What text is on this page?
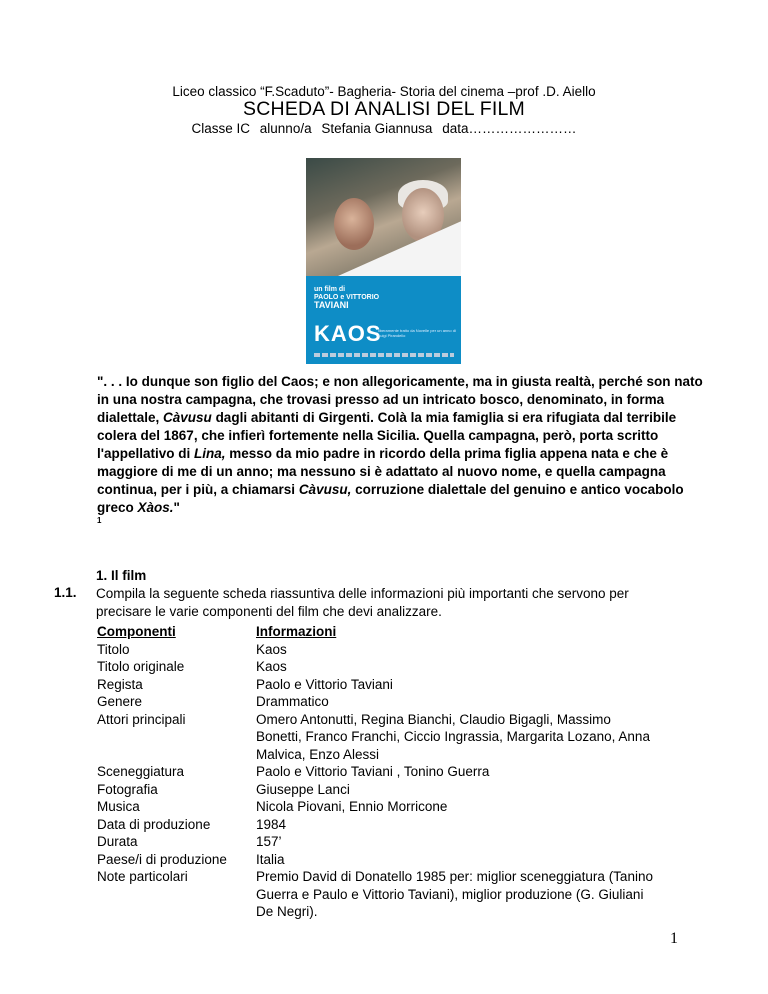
Liceo classico “F.Scaduto”- Bagheria- Storia del cinema –prof .D. Aiello
SCHEDA DI ANALISI DEL FILM
Classe IC alunno/a Stefania Giannusa data……………………
un film di
PAOLO e VITTORIO
TAVIANI
KAOS
liberamente tratto da Novelle per un anno di Luigi Pirandello
". . . Io dunque son figlio del Caos; e non allegoricamente, ma in giusta realtà, perché son nato in una nostra campagna, che trovasi presso ad un intricato bosco, denominato, in forma dialettale, Càvusu dagli abitanti di Girgenti. Colà la mia famiglia si era rifugiata dal terribile colera del 1867, che infierì fortemente nella Sicilia. Quella campagna, però, porta scritto l'appellativo di Lina, messo da mio padre in ricordo della prima figlia appena nata e che è maggiore di me di un anno; ma nessuno si è adattato al nuovo nome, e quella campagna continua, per i più, a chiamarsi Càvusu, corruzione dialettale del genuino e antico vocabolo greco Xàos."
1
1. Il film
1.1. Compila la seguente scheda riassuntiva delle informazioni più importanti che servono per precisare le varie componenti del film che devi analizzare.
Componenti	Informazioni
Titolo	Kaos
Titolo originale	Kaos
Regista	Paolo e Vittorio Taviani
Genere	Drammatico
Attori principali	Omero Antonutti, Regina Bianchi, Claudio Bigagli, Massimo Bonetti, Franco Franchi, Ciccio Ingrassia, Margarita Lozano, Anna Malvica, Enzo Alessi
Sceneggiatura	Paolo e Vittorio Taviani , Tonino Guerra
Fotografia	Giuseppe Lanci
Musica	Nicola Piovani, Ennio Morricone
Data di produzione	1984
Durata	157’
Paese/i di produzione	Italia
Note particolari	Premio David di Donatello 1985 per: miglior sceneggiatura (Tanino Guerra e Paulo e Vittorio Taviani), miglior produzione (G. Giuliani De Negri).
1
